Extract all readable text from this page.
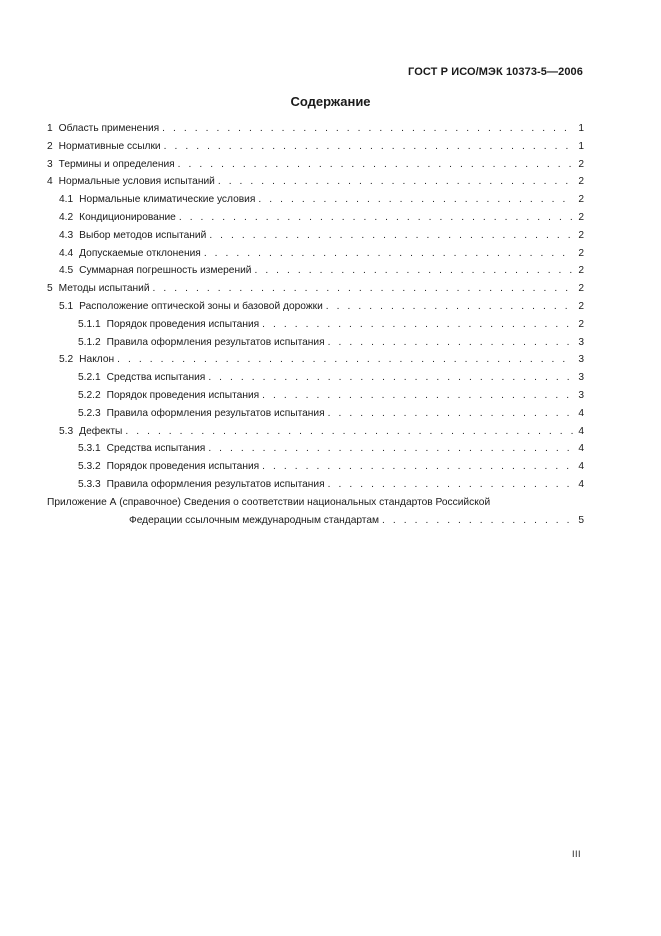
ГОСТ Р ИСО/МЭК 10373-5—2006
Содержание
1 Область применения . . .	1
2 Нормативные ссылки . . .	1
3 Термины и определения . . .	2
4 Нормальные условия испытаний . . .	2
4.1 Нормальные климатические условия . . .	2
4.2 Кондиционирование . . .	2
4.3 Выбор методов испытаний . . .	2
4.4 Допускаемые отклонения . . .	2
4.5 Суммарная погрешность измерений . . .	2
5 Методы испытаний . . .	2
5.1 Расположение оптической зоны и базовой дорожки . . .	2
5.1.1 Порядок проведения испытания . . .	2
5.1.2 Правила оформления результатов испытания . . .	3
5.2 Наклон . . .	3
5.2.1 Средства испытания . . .	3
5.2.2 Порядок проведения испытания . . .	3
5.2.3 Правила оформления результатов испытания . . .	4
5.3 Дефекты . . .	4
5.3.1 Средства испытания . . .	4
5.3.2 Порядок проведения испытания . . .	4
5.3.3 Правила оформления результатов испытания . . .	4
Приложение А (справочное) Сведения о соответствии национальных стандартов Российской
Федерации ссылочным международным стандартам . . .	5
III
